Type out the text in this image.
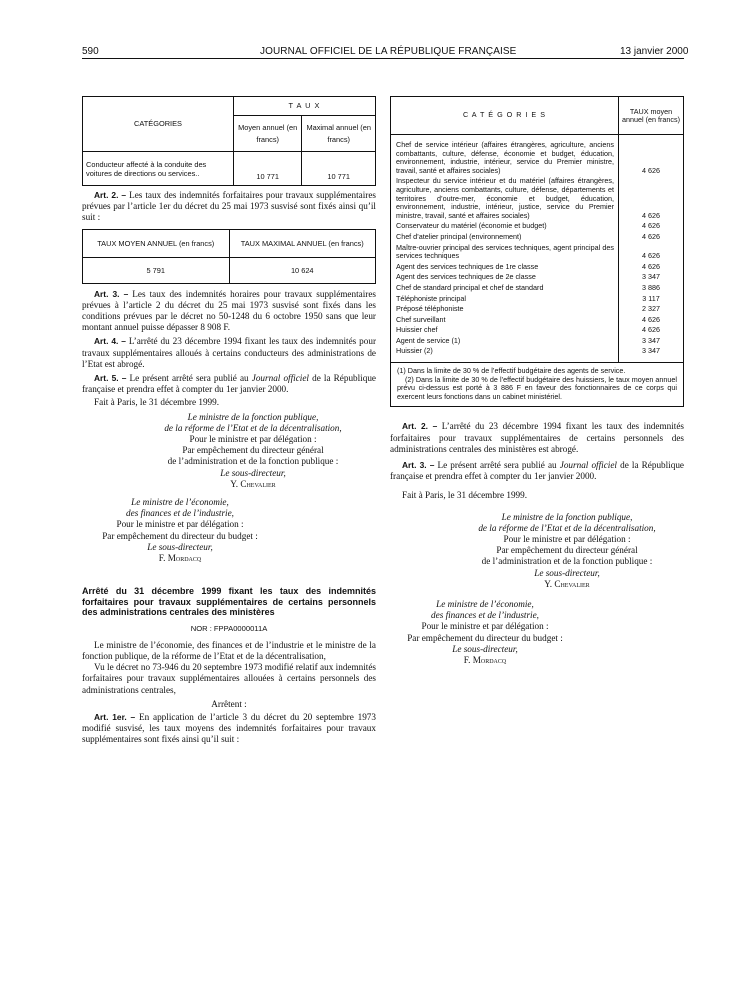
590	JOURNAL OFFICIEL DE LA RÉPUBLIQUE FRANÇAISE	13 janvier 2000
CATÉGORIES	T A U X	
	Moyen annuel (en francs)	Maximal annuel (en francs)
Conducteur affecté à la conduite des voitures de directions ou services..	10 771	10 771

Art. 2. – Les taux des indemnités forfaitaires pour travaux supplémentaires prévues par l’article 1er du décret du 25 mai 1973 susvisé sont fixés ainsi qu’il suit :

TAUX MOYEN ANNUEL (en francs)	TAUX MAXIMAL ANNUEL (en francs)
5 791	10 624

Art. 3. – Les taux des indemnités horaires pour travaux supplémentaires prévues à l’article 2 du décret du 25 mai 1973 susvisé sont fixés dans les conditions prévues par le décret no 50-1248 du 6 octobre 1950 sans que leur montant annuel puisse dépasser 8 908 F.

Art. 4. – L’arrêté du 23 décembre 1994 fixant les taux des indemnités pour travaux supplémentaires alloués à certains conducteurs des administrations de l’Etat est abrogé.

Art. 5. – Le présent arrêté sera publié au Journal officiel de la République française et prendra effet à compter du 1er janvier 2000.

Fait à Paris, le 31 décembre 1999.

Le ministre de la fonction publique,
de la réforme de l’Etat et de la décentralisation,
Pour le ministre et par délégation :
Par empêchement du directeur général
de l’administration et de la fonction publique :
Le sous-directeur,
Y. Chevalier
Le ministre de l’économie,
des finances et de l’industrie,
Pour le ministre et par délégation :
Par empêchement du directeur du budget :
Le sous-directeur,
F. Mordacq

Arrêté du 31 décembre 1999 fixant les taux des indemnités forfaitaires pour travaux supplémentaires de certains personnels des administrations centrales des ministères

NOR : FPPA0000011A

Le ministre de l’économie, des finances et de l’industrie et le ministre de la fonction publique, de la réforme de l’Etat et de la décentralisation,

Vu le décret no 73-946 du 20 septembre 1973 modifié relatif aux indemnités forfaitaires pour travaux supplémentaires allouées à certains personnels des administrations centrales,

Arrêtent :

Art. 1er. – En application de l’article 3 du décret du 20 septembre 1973 modifié susvisé, les taux moyens des indemnités forfaitaires pour travaux supplémentaires sont fixés ainsi qu’il suit :

C A T É G O R I E S	TAUX moyen annuel (en francs)
Chef de service intérieur (affaires étrangères, agriculture, anciens combattants, culture, défense, économie et budget, éducation, environnement, industrie, intérieur, service du Premier ministre, travail, santé et affaires sociales)	4 626
Inspecteur du service intérieur et du matériel (affaires étrangères, agriculture, anciens combattants, culture, défense, départements et territoires d’outre-mer, économie et budget, éducation, environnement, industrie, intérieur, justice, service du Premier ministre, travail, santé et affaires sociales)	4 626
Conservateur du matériel (économie et budget)	4 626
Chef d’atelier principal (environnement)	4 626
Maître-ouvrier principal des services techniques, agent principal des services techniques	4 626
Agent des services techniques de 1re classe	4 626
Agent des services techniques de 2e classe	3 347
Chef de standard principal et chef de standard	3 886
Téléphoniste principal	3 117
Préposé téléphoniste	2 327
Chef surveillant	4 626
Huissier chef	4 626
Agent de service (1)	3 347
Huissier (2)	3 347

(1) Dans la limite de 30 % de l’effectif budgétaire des agents de service.
(2) Dans la limite de 30 % de l’effectif budgétaire des huissiers, le taux moyen annuel prévu ci-dessus est porté à 3 886 F en faveur des fonctionnaires de ce corps qui exercent leurs fonctions dans un cabinet ministériel.	

Art. 2. – L’arrêté du 23 décembre 1994 fixant les taux des indemnités forfaitaires pour travaux supplémentaires de certains personnels des administrations centrales des ministères est abrogé.

Art. 3. – Le présent arrêté sera publié au Journal officiel de la République française et prendra effet à compter du 1er janvier 2000.

Fait à Paris, le 31 décembre 1999.

Le ministre de la fonction publique,
de la réforme de l’Etat et de la décentralisation,
Pour le ministre et par délégation :
Par empêchement du directeur général
de l’administration et de la fonction publique :
Le sous-directeur,
Y. Chevalier
Le ministre de l’économie,
des finances et de l’industrie,
Pour le ministre et par délégation :
Par empêchement du directeur du budget :
Le sous-directeur,
F. Mordacq
